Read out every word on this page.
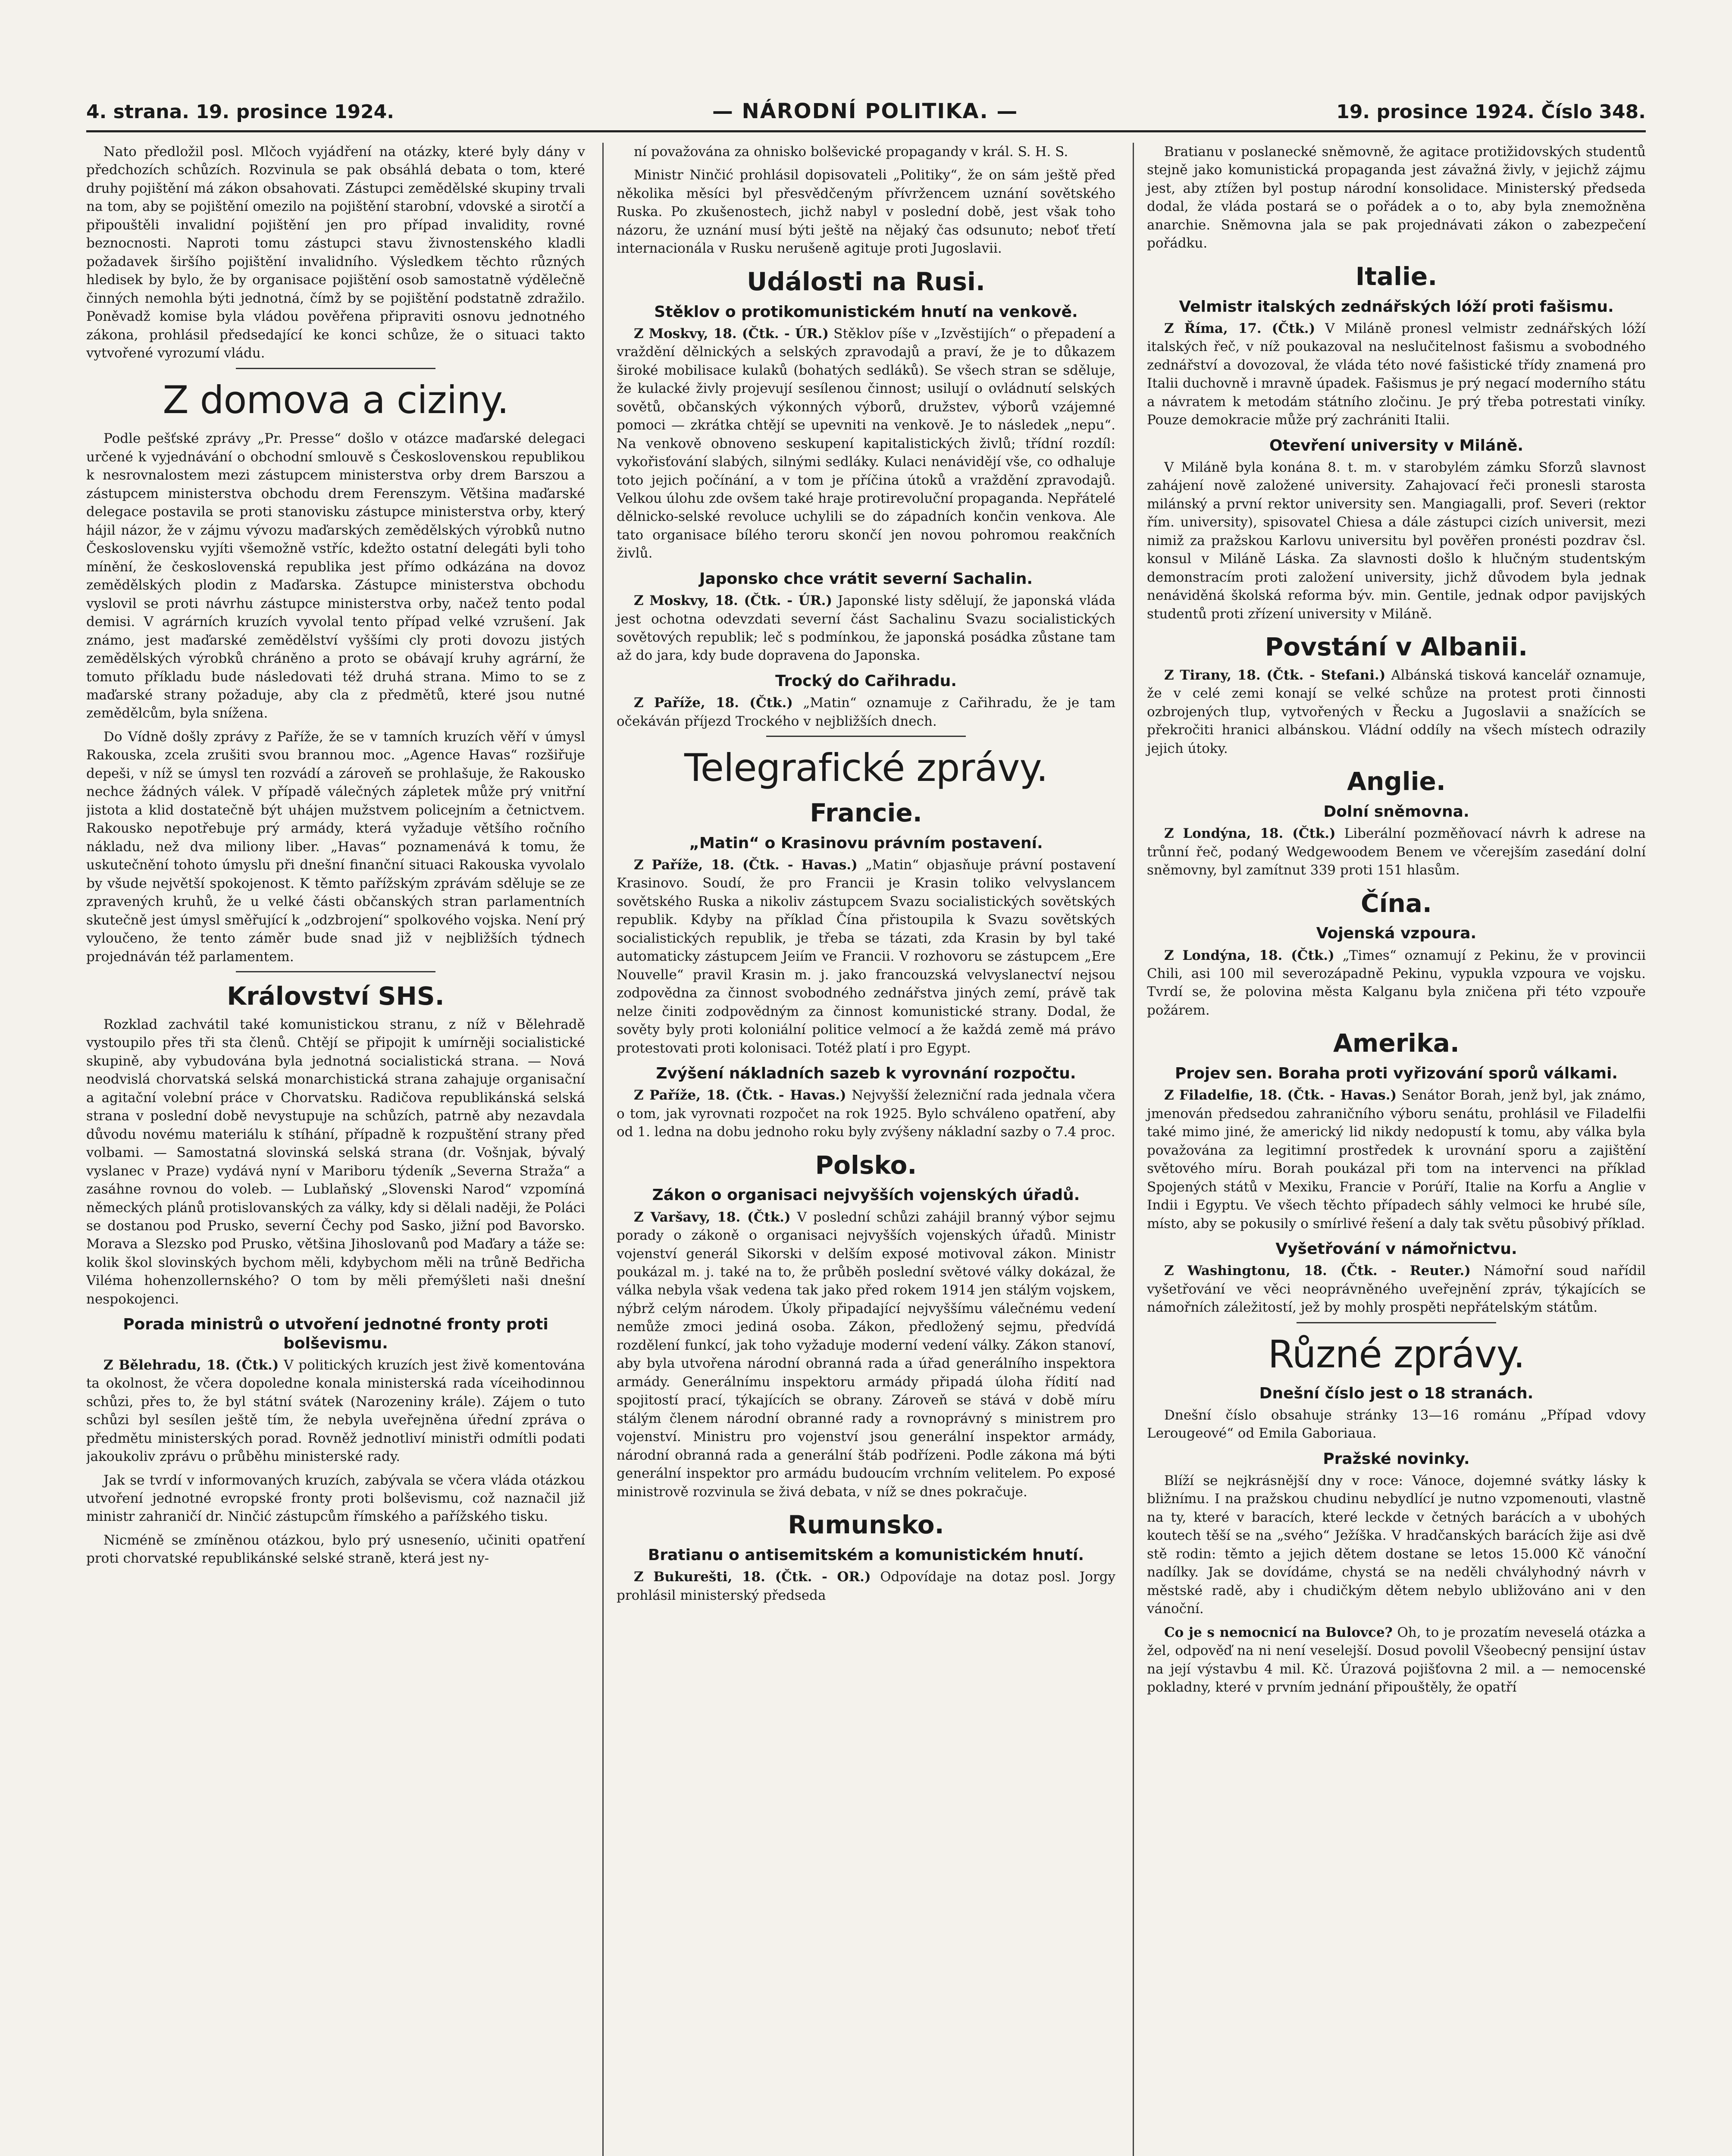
4. strana. 19. prosince 1924.	— NÁRODNÍ POLITIKA. —	19. prosince 1924. Číslo 348.

Nato předložil posl. Mlčoch vyjádření na otázky, které byly dány v předchozích schůzích. Rozvinula se pak obsáhlá debata o tom, které druhy pojištění má zákon obsahovati. Zástupci zemědělské skupiny trvali na tom, aby se pojištění omezilo na pojištění starobní, vdovské a sirotčí a připouštěli invalidní pojištění jen pro případ invalidity, rovné beznocnosti. Naproti tomu zástupci stavu živnostenského kladli požadavek širšího pojištění invalidního. Výsledkem těchto různých hledisek by bylo, že by organisace pojištění osob samostatně výdělečně činných nemohla býti jednotná, čímž by se pojištění podstatně zdražilo. Poněvadž komise byla vládou pověřena připraviti osnovu jednotného zákona, prohlásil předsedající ke konci schůze, že o situaci takto vytvořené vyrozumí vládu.

Z domova a ciziny.

Podle pešťské zprávy „Pr. Presse“ došlo v otázce maďarské delegaci určené k vyjednávání o obchodní smlouvě s Československou republikou k nesrovnalostem mezi zástupcem ministerstva orby drem Barszou a zástupcem ministerstva obchodu drem Ferenszym. Většina maďarské delegace postavila se proti stanovisku zástupce ministerstva orby, který hájil názor, že v zájmu vývozu maďarských zemědělských výrobků nutno Československu vyjíti všemožně vstříc, kdežto ostatní delegáti byli toho mínění, že československá republika jest přímo odkázána na dovoz zemědělských plodin z Maďarska. Zástupce ministerstva obchodu vyslovil se proti návrhu zástupce ministerstva orby, načež tento podal demisi. V agrárních kruzích vyvolal tento případ velké vzrušení. Jak známo, jest maďarské zemědělství vyššími cly proti dovozu jistých zemědělských výrobků chráněno a proto se obávají kruhy agrární, že tomuto příkladu bude následovati též druhá strana. Mimo to se z maďarské strany požaduje, aby cla z předmětů, které jsou nutné zemědělcům, byla snížena.

Do Vídně došly zprávy z Paříže, že se v tamních kruzích věří v úmysl Rakouska, zcela zrušiti svou brannou moc. „Agence Havas“ rozšiřuje depeši, v níž se úmysl ten rozvádí a zároveň se prohlašuje, že Rakousko nechce žádných válek. V případě válečných zápletek může prý vnitřní jistota a klid dostatečně být uhájen mužstvem policejním a četnictvem. Rakousko nepotřebuje prý armády, která vyžaduje většího ročního nákladu, než dva miliony liber. „Havas“ poznamenává k tomu, že uskutečnění tohoto úmyslu při dnešní finanční situaci Rakouska vyvolalo by všude největší spokojenost. K těmto pařížským zprávám sděluje se ze zpravených kruhů, že u velké části občanských stran parlamentních skutečně jest úmysl směřující k „odzbrojení“ spolkového vojska. Není prý vyloučeno, že tento záměr bude snad již v nejbližších týdnech projednáván též parlamentem.

Království SHS.

Rozklad zachvátil také komunistickou stranu, z níž v Bělehradě vystoupilo přes tři sta členů. Chtějí se připojit k umírněji socialistické skupině, aby vybudována byla jednotná socialistická strana. — Nová neodvislá chorvatská selská monarchistická strana zahajuje organisační a agitační volební práce v Chorvatsku. Radičova republikánská selská strana v poslední době nevystupuje na schůzích, patrně aby nezavdala důvodu novému materiálu k stíhání, případně k rozpuštění strany před volbami. — Samostatná slovinská selská strana (dr. Vošnjak, bývalý vyslanec v Praze) vydává nyní v Mariboru týdeník „Severna Straža“ a zasáhne rovnou do voleb. — Lublaňský „Slovenski Narod“ vzpomíná německých plánů protislovanských za války, kdy si dělali naději, že Poláci se dostanou pod Prusko, severní Čechy pod Sasko, jižní pod Bavorsko. Morava a Slezsko pod Prusko, většina Jihoslovanů pod Maďary a táže se: kolik škol slovinských bychom měli, kdybychom měli na trůně Bedřicha Viléma hohenzollernského? O tom by měli přemýšleti naši dnešní nespokojenci.

Porada ministrů o utvoření jednotné fronty proti bolševismu.

Z Bělehradu, 18. (Čtk.) V politických kruzích jest živě komentována ta okolnost, že včera dopoledne konala ministerská rada víceihodinnou schůzi, přes to, že byl státní svátek (Narozeniny krále). Zájem o tuto schůzi byl sesílen ještě tím, že nebyla uveřejněna úřední zpráva o předmětu ministerských porad. Rovněž jednotliví ministři odmítli podati jakoukoliv zprávu o průběhu ministerské rady.

Jak se tvrdí v informovaných kruzích, zabývala se včera vláda otázkou utvoření jednotné evropské fronty proti bolševismu, což naznačil již ministr zahraničí dr. Ninčić zástupcům římského a pařížského tisku.

Nicméně se zmíněnou otázkou, bylo prý usnesenío, učiniti opatření proti chorvatské republikánské selské straně, která jest ny-

ní považována za ohnisko bolševické propagandy v král. S. H. S.

Ministr Ninčić prohlásil dopisovateli „Politiky“, že on sám ještě před několika měsíci byl přesvědčeným přívržencem uznání sovětského Ruska. Po zkušenostech, jichž nabyl v poslední době, jest však toho názoru, že uznání musí býti ještě na nějaký čas odsunuto; neboť třetí internacionála v Rusku nerušeně agituje proti Jugoslavii.

Události na Rusi.
Stěklov o protikomunistickém hnutí na venkově.

Z Moskvy, 18. (Čtk. - ÚR.) Stěklov píše v „Izvěstijích“ o přepadení a vraždění dělnických a selských zpravodajů a praví, že je to důkazem široké mobilisace kulaků (bohatých sedláků). Se všech stran se sděluje, že kulacké živly projevují sesílenou činnost; usilují o ovládnutí selských sovětů, občanských výkonných výborů, družstev, výborů vzájemné pomoci — zkrátka chtějí se upevniti na venkově. Je to následek „nepu“. Na venkově obnoveno seskupení kapitalistických živlů; třídní rozdíl: vykořisťování slabých, silnými sedláky. Kulaci nenávidějí vše, co odhaluje toto jejich počínání, a v tom je příčina útoků a vraždění zpravodajů. Velkou úlohu zde ovšem také hraje protirevoluční propaganda. Nepřátelé dělnicko-selské revoluce uchylili se do západních končin venkova. Ale tato organisace bílého teroru skončí jen novou pohromou reakčních živlů.

Japonsko chce vrátit severní Sachalin.

Z Moskvy, 18. (Čtk. - ÚR.) Japonské listy sdělují, že japonská vláda jest ochotna odevzdati severní část Sachalinu Svazu socialistických sovětových republik; leč s podmínkou, že japonská posádka zůstane tam až do jara, kdy bude dopravena do Japonska.

Trocký do Cařihradu.

Z Paříže, 18. (Čtk.) „Matin“ oznamuje z Cařihradu, že je tam očekáván příjezd Trockého v nejbližších dnech.

Telegrafické zprávy.
Francie.
„Matin“ o Krasinovu právním postavení.

Z Paříže, 18. (Čtk. - Havas.) „Matin“ objasňuje právní postavení Krasinovo. Soudí, že pro Francii je Krasin toliko velvyslancem sovětského Ruska a nikoliv zástupcem Svazu socialistických sovětských republik. Kdyby na příklad Čína přistoupila k Svazu sovětských socialistických republik, je třeba se tázati, zda Krasin by byl také automaticky zástupcem Jeiím ve Francii. V rozhovoru se zástupcem „Ere Nouvelle“ pravil Krasin m. j. jako francouzská velvyslanectví nejsou zodpovědna za činnost svobodného zednářstva jiných zemí, právě tak nelze činiti zodpovědným za činnost komunistické strany. Dodal, že sověty byly proti koloniální politice velmocí a že každá země má právo protestovati proti kolonisaci. Totéž platí i pro Egypt.

Zvýšení nákladních sazeb k vyrovnání rozpočtu.

Z Paříže, 18. (Čtk. - Havas.) Nejvyšší železniční rada jednala včera o tom, jak vyrovnati rozpočet na rok 1925. Bylo schváleno opatření, aby od 1. ledna na dobu jednoho roku byly zvýšeny nákladní sazby o 7.4 proc.

Polsko.
Zákon o organisaci nejvyšších vojenských úřadů.

Z Varšavy, 18. (Čtk.) V poslední schůzi zahájil branný výbor sejmu porady o zákoně o organisaci nejvyšších vojenských úřadů. Ministr vojenství generál Sikorski v delším exposé motivoval zákon. Ministr poukázal m. j. také na to, že průběh poslední světové války dokázal, že válka nebyla však vedena tak jako před rokem 1914 jen stálým vojskem, nýbrž celým národem. Úkoly připadající nejvyššímu válečnému vedení nemůže zmoci jediná osoba. Zákon, předložený sejmu, předvídá rozdělení funkcí, jak toho vyžaduje moderní vedení války. Zákon stanoví, aby byla utvořena národní obranná rada a úřad generálního inspektora armády. Generálnímu inspektoru armády připadá úloha řídití nad spojitostí prací, týkajících se obrany. Zároveň se stává v době míru stálým členem národní obranné rady a rovnoprávný s ministrem pro vojenství. Ministru pro vojenství jsou generální inspektor armády, národní obranná rada a generální štáb podřízeni. Podle zákona má býti generální inspektor pro armádu budoucím vrchním velitelem. Po exposé ministrově rozvinula se živá debata, v níž se dnes pokračuje.

Rumunsko.
Bratianu o antisemitském a komunistickém hnutí.

Z Bukurešti, 18. (Čtk. - OR.) Odpovídaje na dotaz posl. Jorgy prohlásil ministerský předseda

Bratianu v poslanecké sněmovně, že agitace protižidovských studentů stejně jako komunistická propaganda jest závažná živly, v jejichž zájmu jest, aby ztížen byl postup národní konsolidace. Ministerský předseda dodal, že vláda postará se o pořádek a o to, aby byla znemožněna anarchie. Sněmovna jala se pak projednávati zákon o zabezpečení pořádku.

Italie.
Velmistr italských zednářských lóží proti fašismu.

Z Říma, 17. (Čtk.) V Miláně pronesl velmistr zednářských lóží italských řeč, v níž poukazoval na neslučitelnost fašismu a svobodného zednářství a dovozoval, že vláda této nové fašistické třídy znamená pro Italii duchovně i mravně úpadek. Fašismus je prý negací moderního státu a návratem k metodám státního zločinu. Je prý třeba potrestati viníky. Pouze demokracie může prý zachrániti Italii.

Otevření university v Miláně.

V Miláně byla konána 8. t. m. v starobylém zámku Sforzů slavnost zahájení nově založené university. Zahajovací řeči pronesli starosta milánský a první rektor university sen. Mangiagalli, prof. Severi (rektor řím. university), spisovatel Chiesa a dále zástupci cizích universit, mezi nimiž za pražskou Karlovu universitu byl pověřen pronésti pozdrav čsl. konsul v Miláně Láska. Za slavnosti došlo k hlučným studentským demonstracím proti založení university, jichž důvodem byla jednak nenáviděná školská reforma býv. min. Gentile, jednak odpor pavijských studentů proti zřízení university v Miláně.

Povstání v Albanii.

Z Tirany, 18. (Čtk. - Stefani.) Albánská tisková kancelář oznamuje, že v celé zemi konají se velké schůze na protest proti činnosti ozbrojených tlup, vytvořených v Řecku a Jugoslavii a snažících se překročiti hranici albánskou. Vládní oddíly na všech místech odrazily jejich útoky.

Anglie.
Dolní sněmovna.

Z Londýna, 18. (Čtk.) Liberální pozměňovací návrh k adrese na trůnní řeč, podaný Wedgewoodem Benem ve včerejším zasedání dolní sněmovny, byl zamítnut 339 proti 151 hlasům.

Čína.
Vojenská vzpoura.

Z Londýna, 18. (Čtk.) „Times“ oznamují z Pekinu, že v provincii Chili, asi 100 mil severozápadně Pekinu, vypukla vzpoura ve vojsku. Tvrdí se, že polovina města Kalganu byla zničena při této vzpouře požárem.

Amerika.
Projev sen. Boraha proti vyřizování sporů válkami.

Z Filadelfie, 18. (Čtk. - Havas.) Senátor Borah, jenž byl, jak známo, jmenován předsedou zahraničního výboru senátu, prohlásil ve Filadelfii také mimo jiné, že americký lid nikdy nedopustí k tomu, aby válka byla považována za legitimní prostředek k urovnání sporu a zajištění světového míru. Borah poukázal při tom na intervenci na příklad Spojených států v Mexiku, Francie v Porúří, Italie na Korfu a Anglie v Indii i Egyptu. Ve všech těchto případech sáhly velmoci ke hrubé síle, místo, aby se pokusily o smírlivé řešení a daly tak světu působivý příklad.

Vyšetřování v námořnictvu.

Z Washingtonu, 18. (Čtk. - Reuter.) Námořní soud nařídil vyšetřování ve věci neoprávněného uveřejnění zpráv, týkajících se námořních záležitostí, jež by mohly prospěti nepřátelským státům.

Různé zprávy.
Dnešní číslo jest o 18 stranách.

Dnešní číslo obsahuje stránky 13—16 románu „Případ vdovy Lerougeové“ od Emila Gaboriaua.

Pražské novinky.

Blíží se nejkrásnější dny v roce: Vánoce, dojemné svátky lásky k bližnímu. I na pražskou chudinu nebydlící je nutno vzpomenouti, vlastně na ty, které v baracích, které leckde v četných barácích a v ubohých koutech těší se na „svého“ Ježíška. V hradčanských barácích žije asi dvě stě rodin: těmto a jejich dětem dostane se letos 15.000 Kč vánoční nadílky. Jak se dovídáme, chystá se na neděli chvályhodný návrh v městské radě, aby i chudičkým dětem nebylo ubližováno ani v den vánoční.

Co je s nemocnicí na Bulovce? Oh, to je prozatím neveselá otázka a žel, odpověď na ni není veselejší. Dosud povolil Všeobecný pensijní ústav na její výstavbu 4 mil. Kč. Úrazová pojišťovna 2 mil. a — nemocenské pokladny, které v prvním jednání připouštěly, že opatří
